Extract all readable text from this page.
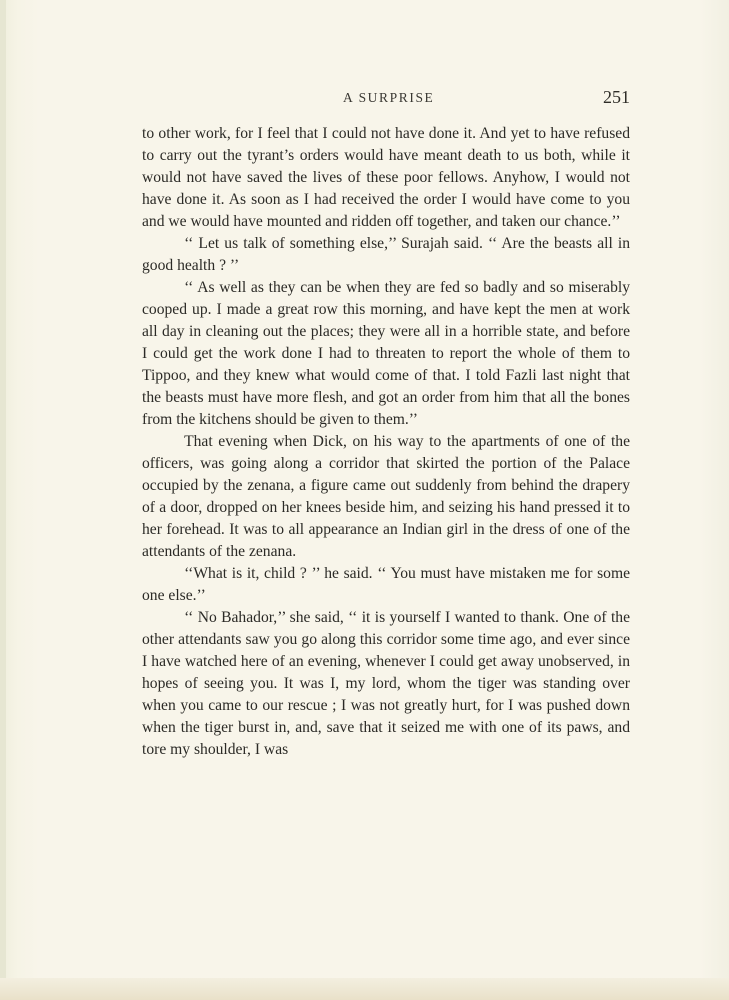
A SURPRISE	251

to other work, for I feel that I could not have done it. And yet to have refused to carry out the tyrant’s orders would have meant death to us both, while it would not have saved the lives of these poor fellows. Anyhow, I would not have done it. As soon as I had received the order I would have come to you and we would have mounted and ridden off together, and taken our chance.’’

‘‘ Let us talk of something else,’’ Surajah said. ‘‘ Are the beasts all in good health ? ’’

‘‘ As well as they can be when they are fed so badly and so miserably cooped up. I made a great row this morning, and have kept the men at work all day in cleaning out the places; they were all in a horrible state, and before I could get the work done I had to threaten to report the whole of them to Tippoo, and they knew what would come of that. I told Fazli last night that the beasts must have more flesh, and got an order from him that all the bones from the kitchens should be given to them.’’

That evening when Dick, on his way to the apartments of one of the officers, was going along a corridor that skirted the portion of the Palace occupied by the zenana, a figure came out suddenly from behind the drapery of a door, dropped on her knees beside him, and seizing his hand pressed it to her forehead. It was to all appearance an Indian girl in the dress of one of the attendants of the zenana.

‘‘What is it, child ? ’’ he said. ‘‘ You must have mistaken me for some one else.’’

‘‘ No Bahador,’’ she said, ‘‘ it is yourself I wanted to thank. One of the other attendants saw you go along this corridor some time ago, and ever since I have watched here of an evening, whenever I could get away unobserved, in hopes of seeing you. It was I, my lord, whom the tiger was standing over when you came to our rescue ; I was not greatly hurt, for I was pushed down when the tiger burst in, and, save that it seized me with one of its paws, and tore my shoulder, I was
